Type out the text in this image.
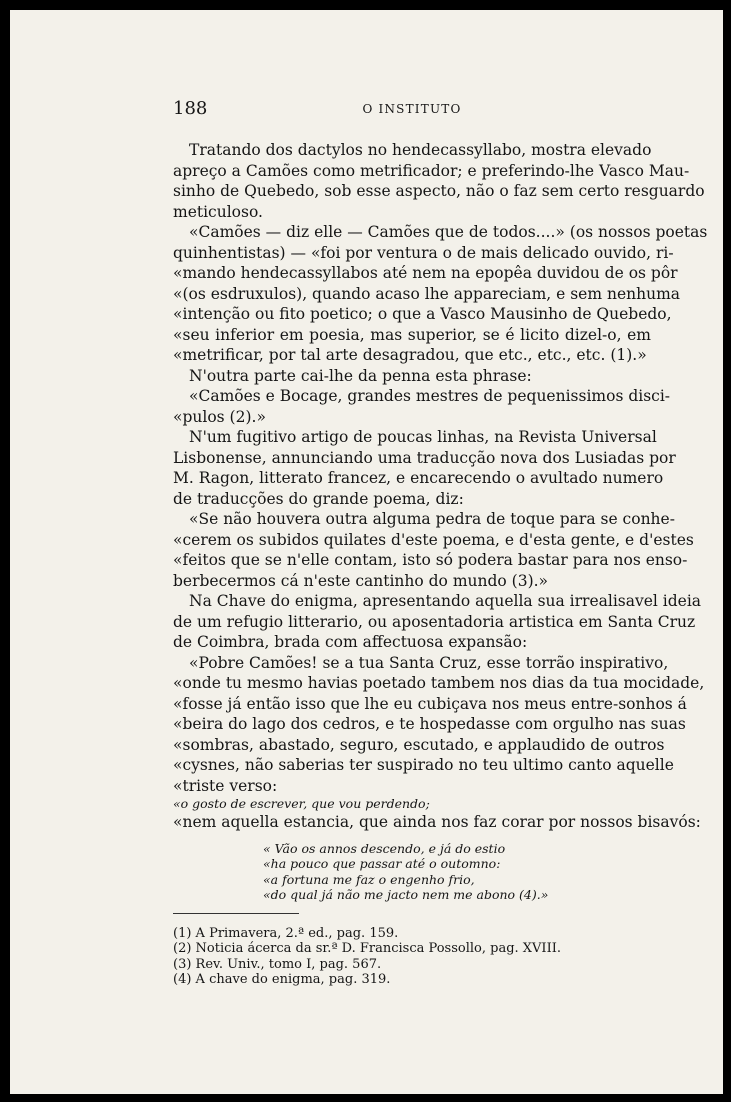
188	O INSTITUTO

Tratando dos dactylos no hendecassyllabo, mostra elevado

apreço a Camões como metrificador; e preferindo-lhe Vasco Mau-

sinho de Quebedo, sob esse aspecto, não o faz sem certo resguardo

meticuloso.

«Camões — diz elle — Camões que de todos....» (os nossos poetas

quinhentistas) — «foi por ventura o de mais delicado ouvido, ri-

«mando hendecassyllabos até nem na epopêa duvidou de os pôr

«(os esdruxulos), quando acaso lhe appareciam, e sem nenhuma

«intenção ou fito poetico; o que a Vasco Mausinho de Quebedo,

«seu inferior em poesia, mas superior, se é licito dizel-o, em

«metrificar, por tal arte desagradou, que etc., etc., etc. (1).»

N'outra parte cai-lhe da penna esta phrase:

«Camões e Bocage, grandes mestres de pequenissimos disci-

«pulos (2).»

N'um fugitivo artigo de poucas linhas, na Revista Universal

Lisbonense, annunciando uma traducção nova dos Lusiadas por

M. Ragon, litterato francez, e encarecendo o avultado numero

de traducções do grande poema, diz:

«Se não houvera outra alguma pedra de toque para se conhe-

«cerem os subidos quilates d'este poema, e d'esta gente, e d'estes

«feitos que se n'elle contam, isto só podera bastar para nos enso-

berbecermos cá n'este cantinho do mundo (3).»

Na Chave do enigma, apresentando aquella sua irrealisavel ideia

de um refugio litterario, ou aposentadoria artistica em Santa Cruz

de Coimbra, brada com affectuosa expansão:

«Pobre Camões! se a tua Santa Cruz, esse torrão inspirativo,

«onde tu mesmo havias poetado tambem nos dias da tua mocidade,

«fosse já então isso que lhe eu cubiçava nos meus entre-sonhos á

«beira do lago dos cedros, e te hospedasse com orgulho nas suas

«sombras, abastado, seguro, escutado, e applaudido de outros

«cysnes, não saberias ter suspirado no teu ultimo canto aquelle

«triste verso:

«o gosto de escrever, que vou perdendo;

«nem aquella estancia, que ainda nos faz corar por nossos bisavós:

« Vão os annos descendo, e já do estio

«ha pouco que passar até o outomno:

«a fortuna me faz o engenho frio,

«do qual já não me jacto nem me abono (4).»

(1) A Primavera, 2.ª ed., pag. 159.

(2) Noticia ácerca da sr.ª D. Francisca Possollo, pag. XVIII.

(3) Rev. Univ., tomo I, pag. 567.

(4) A chave do enigma, pag. 319.
